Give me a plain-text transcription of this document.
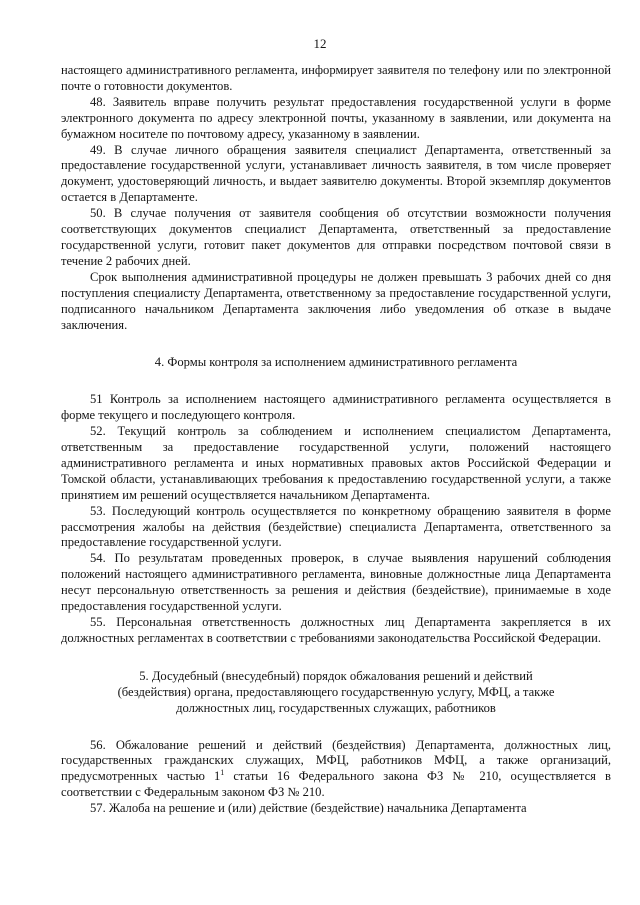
12

настоящего административного регламента, информирует заявителя по телефону или по электронной почте о готовности документов.

48. Заявитель вправе получить результат предоставления государственной услуги в форме электронного документа по адресу электронной почты, указанному в заявлении, или документа на бумажном носителе по почтовому адресу, указанному в заявлении.

49. В случае личного обращения заявителя специалист Департамента, ответственный за предоставление государственной услуги, устанавливает личность заявителя, в том числе проверяет документ, удостоверяющий личность, и выдает заявителю документы. Второй экземпляр документов остается в Департаменте.

50. В случае получения от заявителя сообщения об отсутствии возможности получения соответствующих документов специалист Департамента, ответственный за предоставление государственной услуги, готовит пакет документов для отправки посредством почтовой связи в течение 2 рабочих дней.

Срок выполнения административной процедуры не должен превышать 3 рабочих дней со дня поступления специалисту Департамента, ответственному за предоставление государственной услуги, подписанного начальником Департамента заключения либо уведомления об отказе в выдаче заключения.

4. Формы контроля за исполнением административного регламента

51 Контроль за исполнением настоящего административного регламента осуществляется в форме текущего и последующего контроля.

52. Текущий контроль за соблюдением и исполнением специалистом Департамента, ответственным за предоставление государственной услуги, положений настоящего административного регламента и иных нормативных правовых актов Российской Федерации и Томской области, устанавливающих требования к предоставлению государственной услуги, а также принятием им решений осуществляется начальником Департамента.

53. Последующий контроль осуществляется по конкретному обращению заявителя в форме рассмотрения жалобы на действия (бездействие) специалиста Департамента, ответственного за предоставление государственной услуги.

54. По результатам проведенных проверок, в случае выявления нарушений соблюдения положений настоящего административного регламента, виновные должностные лица Департамента несут персональную ответственность за решения и действия (бездействие), принимаемые в ходе предоставления государственной услуги.

55. Персональная ответственность должностных лиц Департамента закрепляется в их должностных регламентах в соответствии с требованиями законодательства Российской Федерации.

5. Досудебный (внесудебный) порядок обжалования решений и действий
(бездействия) органа, предоставляющего государственную услугу, МФЦ, а также
должностных лиц, государственных служащих, работников

56. Обжалование решений и действий (бездействия) Департамента, должностных лиц, государственных гражданских служащих, МФЦ, работников МФЦ, а также организаций, предусмотренных частью $1^1$ статьи 16 Федерального закона ФЗ № 210, осуществляется в соответствии с Федеральным законом ФЗ № 210.

57. Жалоба на решение и (или) действие (бездействие) начальника Департамента
